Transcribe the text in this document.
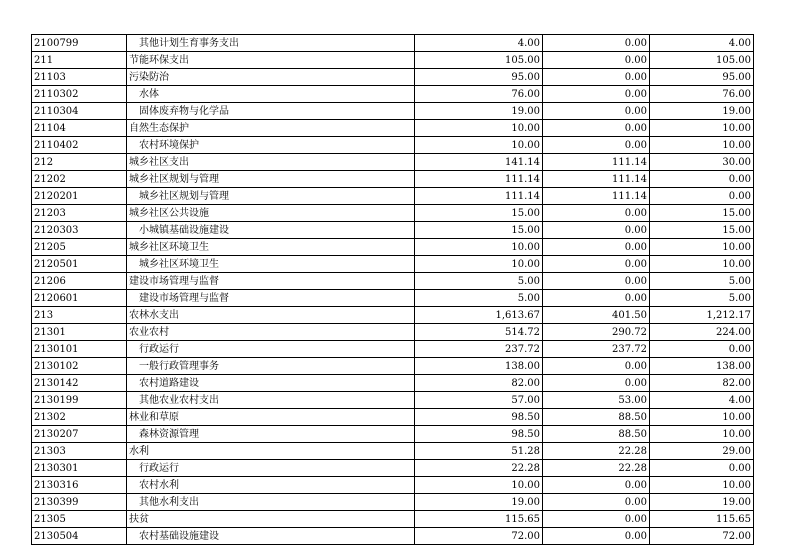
2100799	其他计划生育事务支出	4.00	0.00	4.00
211	节能环保支出	105.00	0.00	105.00
21103	污染防治	95.00	0.00	95.00
2110302	水体	76.00	0.00	76.00
2110304	固体废弃物与化学品	19.00	0.00	19.00
21104	自然生态保护	10.00	0.00	10.00
2110402	农村环境保护	10.00	0.00	10.00
212	城乡社区支出	141.14	111.14	30.00
21202	城乡社区规划与管理	111.14	111.14	0.00
2120201	城乡社区规划与管理	111.14	111.14	0.00
21203	城乡社区公共设施	15.00	0.00	15.00
2120303	小城镇基础设施建设	15.00	0.00	15.00
21205	城乡社区环境卫生	10.00	0.00	10.00
2120501	城乡社区环境卫生	10.00	0.00	10.00
21206	建设市场管理与监督	5.00	0.00	5.00
2120601	建设市场管理与监督	5.00	0.00	5.00
213	农林水支出	1,613.67	401.50	1,212.17
21301	农业农村	514.72	290.72	224.00
2130101	行政运行	237.72	237.72	0.00
2130102	一般行政管理事务	138.00	0.00	138.00
2130142	农村道路建设	82.00	0.00	82.00
2130199	其他农业农村支出	57.00	53.00	4.00
21302	林业和草原	98.50	88.50	10.00
2130207	森林资源管理	98.50	88.50	10.00
21303	水利	51.28	22.28	29.00
2130301	行政运行	22.28	22.28	0.00
2130316	农村水利	10.00	0.00	10.00
2130399	其他水利支出	19.00	0.00	19.00
21305	扶贫	115.65	0.00	115.65
2130504	农村基础设施建设	72.00	0.00	72.00
